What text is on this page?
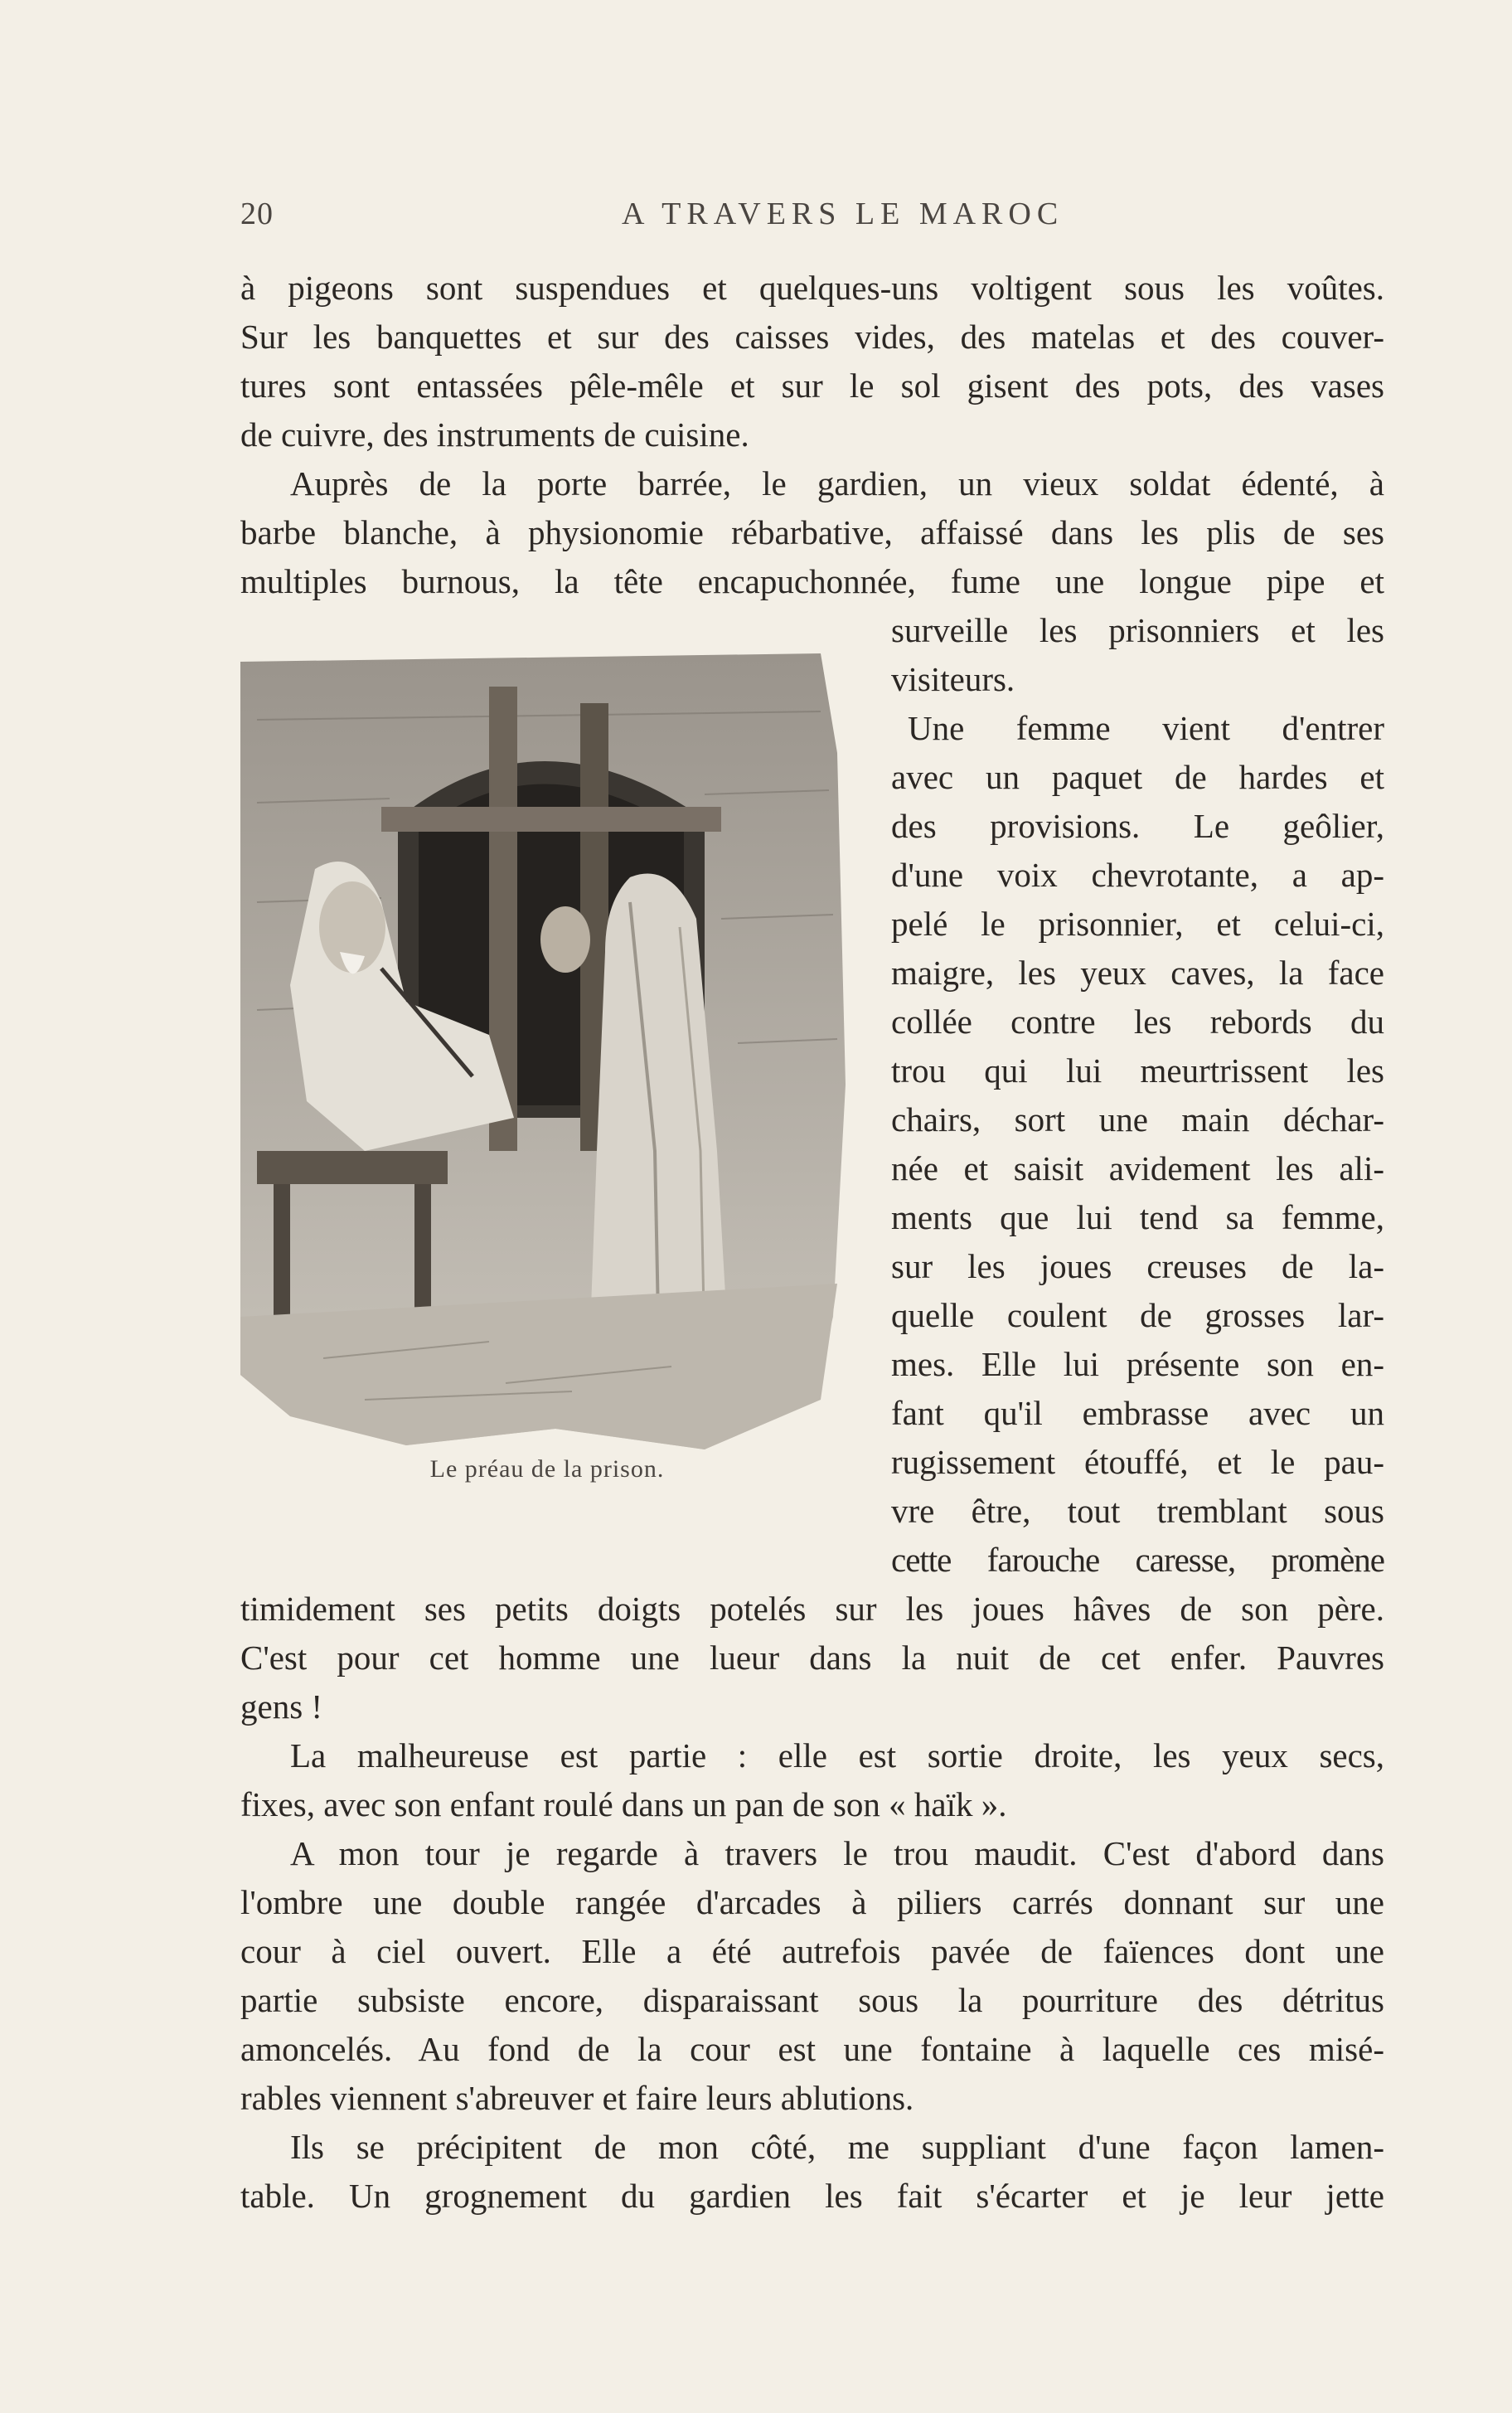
20	A TRAVERS LE MAROC
à pigeons sont suspendues et quelques-uns voltigent sous les voûtes.
Sur les banquettes et sur des caisses vides, des matelas et des couver-
tures sont entassées pêle-mêle et sur le sol gisent des pots, des vases
de cuivre, des instruments de cuisine.
Auprès de la porte barrée, le gardien, un vieux soldat édenté, à
barbe blanche, à physionomie rébarbative, affaissé dans les plis de ses
multiples burnous, la tête encapuchonnée, fume une longue pipe et
surveille les prisonniers et les
visiteurs.
Une femme vient d'entrer
avec un paquet de hardes et
des provisions. Le geôlier,
d'une voix chevrotante, a ap-
pelé le prisonnier, et celui-ci,
maigre, les yeux caves, la face
collée contre les rebords du
trou qui lui meurtrissent les
chairs, sort une main déchar-
née et saisit avidement les ali-
ments que lui tend sa femme,
sur les joues creuses de la-
quelle coulent de grosses lar-
mes. Elle lui présente son en-
fant qu'il embrasse avec un
rugissement étouffé, et le pau-
vre être, tout tremblant sous
cette farouche caresse, promène
timidement ses petits doigts potelés sur les joues hâves de son père.
C'est pour cet homme une lueur dans la nuit de cet enfer. Pauvres
gens !
La malheureuse est partie : elle est sortie droite, les yeux secs,
fixes, avec son enfant roulé dans un pan de son « haïk ».
A mon tour je regarde à travers le trou maudit. C'est d'abord dans
l'ombre une double rangée d'arcades à piliers carrés donnant sur une
cour à ciel ouvert. Elle a été autrefois pavée de faïences dont une
partie subsiste encore, disparaissant sous la pourriture des détritus
amoncelés. Au fond de la cour est une fontaine à laquelle ces misé-
rables viennent s'abreuver et faire leurs ablutions.
Ils se précipitent de mon côté, me suppliant d'une façon lamen-
table. Un grognement du gardien les fait s'écarter et je leur jette
Le préau de la prison.
